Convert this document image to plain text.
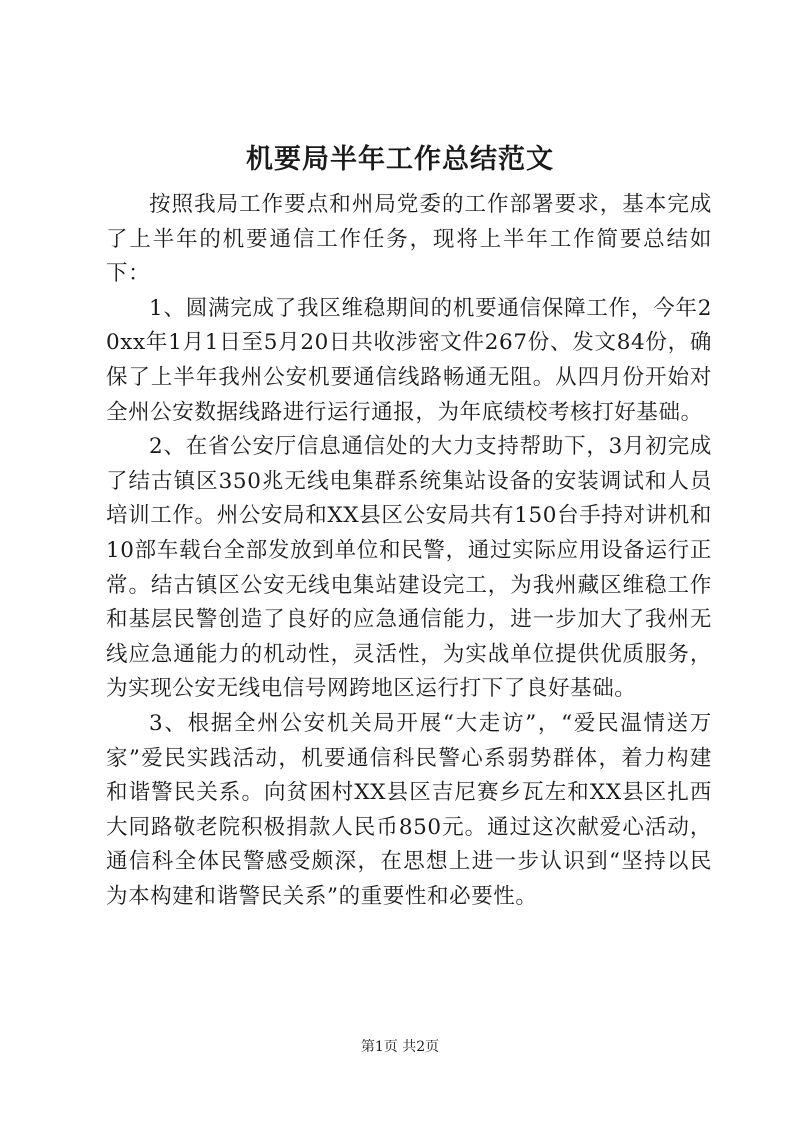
机要局半年工作总结范文

按照我局工作要点和州局党委的工作部署要求，基本完成了上半年的机要通信工作任务，现将上半年工作简要总结如下：

1、圆满完成了我区维稳期间的机要通信保障工作，今年20xx年1月1日至5月20日共收涉密文件267份、发文84份，确保了上半年我州公安机要通信线路畅通无阻。从四月份开始对全州公安数据线路进行运行通报，为年底绩校考核打好基础。

2、在省公安厅信息通信处的大力支持帮助下，3月初完成了结古镇区350兆无线电集群系统集站设备的安装调试和人员培训工作。州公安局和XX县区公安局共有150台手持对讲机和10部车载台全部发放到单位和民警，通过实际应用设备运行正常。结古镇区公安无线电集站建设完工，为我州藏区维稳工作和基层民警创造了良好的应急通信能力，进一步加大了我州无线应急通能力的机动性，灵活性，为实战单位提供优质服务，为实现公安无线电信号网跨地区运行打下了良好基础。

3、根据全州公安机关局开展“大走访”，“爱民温情送万家”爱民实践活动，机要通信科民警心系弱势群体，着力构建和谐警民关系。向贫困村XX县区吉尼赛乡瓦左和XX县区扎西大同路敬老院积极捐款人民币850元。通过这次献爱心活动，通信科全体民警感受颇深，在思想上进一步认识到“坚持以民为本构建和谐警民关系”的重要性和必要性。

第1页 共2页
